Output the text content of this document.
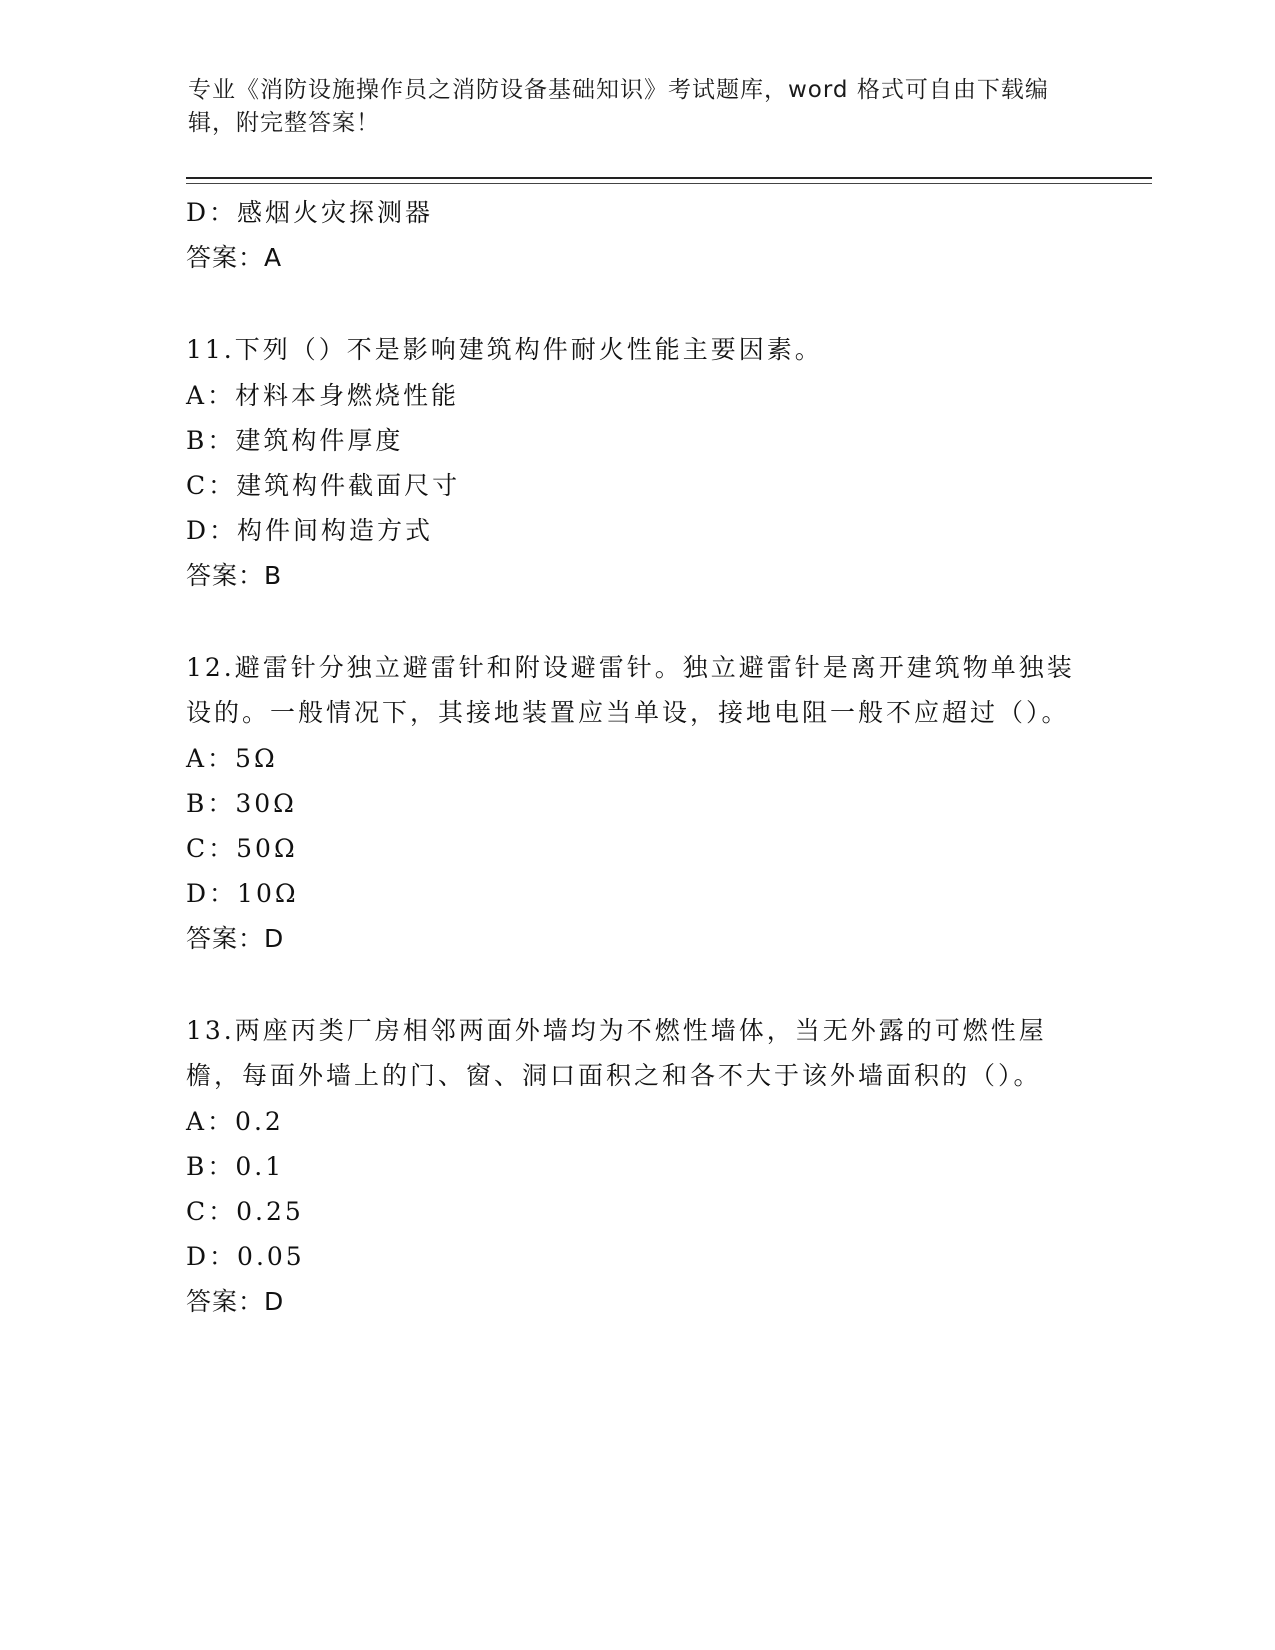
专业《消防设施操作员之消防设备基础知识》考试题库，word 格式可自由下载编辑，附完整答案！
D：感烟火灾探测器
答案：A
11.下列（）不是影响建筑构件耐火性能主要因素。
A：材料本身燃烧性能
B：建筑构件厚度
C：建筑构件截面尺寸
D：构件间构造方式
答案：B
12.避雷针分独立避雷针和附设避雷针。独立避雷针是离开建筑物单独装设的。一般情况下，其接地装置应当单设，接地电阻一般不应超过（）。
A：5Ω
B：30Ω
C：50Ω
D：10Ω
答案：D
13.两座丙类厂房相邻两面外墙均为不燃性墙体，当无外露的可燃性屋檐，每面外墙上的门、窗、洞口面积之和各不大于该外墙面积的（）。
A：0.2
B：0.1
C：0.25
D：0.05
答案：D
